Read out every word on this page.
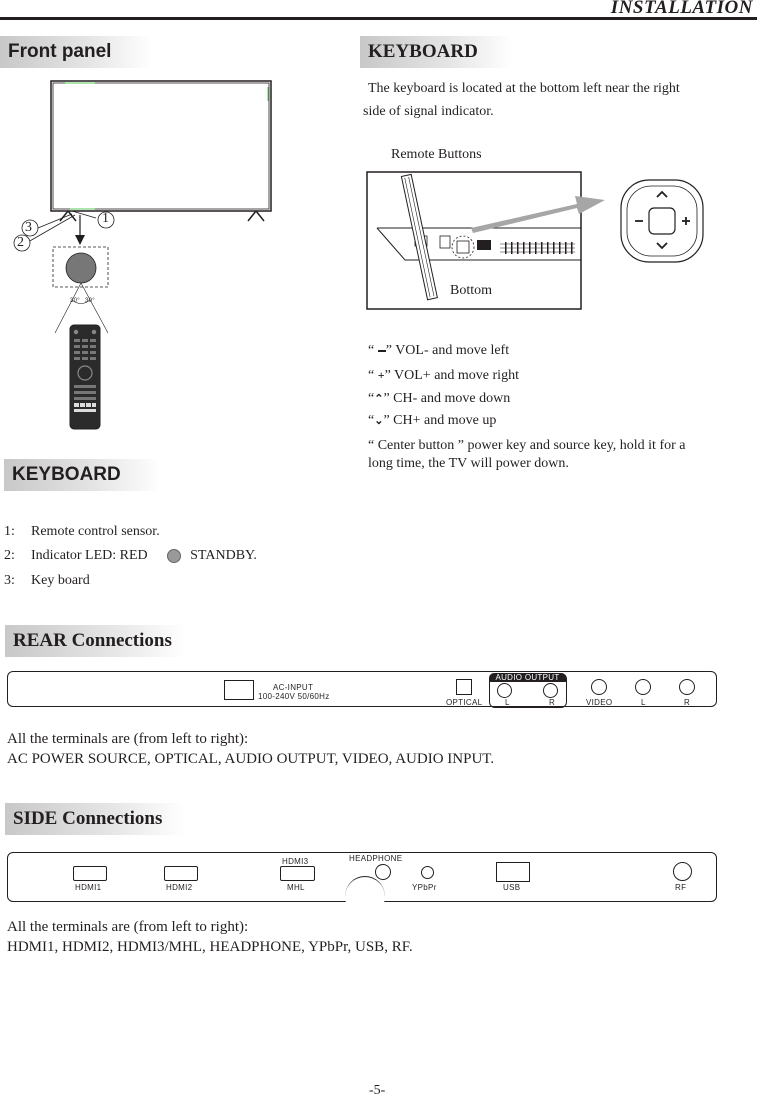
INSTALLATION
Front panel
1
2
3
30° 30°
KEYBOARD
The keyboard is located at the bottom left near the right
side of signal indicator.
Remote Buttons
Bottom
“ ” VOL- and move left
“ +” VOL+ and move right
“⌃” CH- and move down
“⌄” CH+ and move up
“ Center button ” power key and source key, hold it for a
long time, the TV will power down.
KEYBOARD
1: Remote control sensor.
2: Indicator LED: RED	STANDBY.
3: Key board
REAR Connections
AC-INPUT
100-240V 50/60Hz
OPTICAL
AUDIO OUTPUT
L	R	VIDEO	L	R
All the terminals are (from left to right):
AC POWER SOURCE, OPTICAL, AUDIO OUTPUT, VIDEO, AUDIO INPUT.
SIDE Connections
HDMI1	HDMI2
HDMI3
MHL
HEADPHONE
YPbPr	USB	RF
All the terminals are (from left to right):
HDMI1, HDMI2, HDMI3/MHL, HEADPHONE, YPbPr, USB, RF.
-5-
